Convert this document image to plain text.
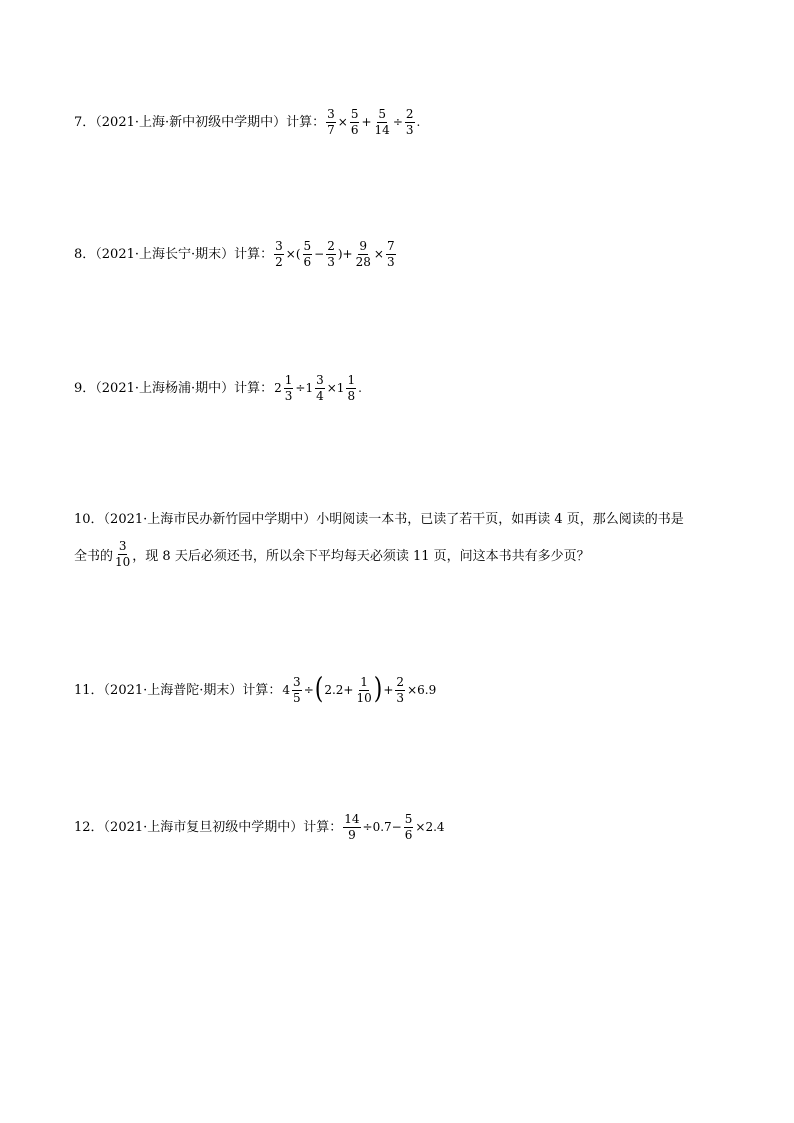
7．（2021·上海·新中初级中学期中）计算： $\frac{3}{7} \times \frac{5}{6} + \frac{5}{14} \div \frac{2}{3}$ .
8．（2021·上海长宁·期末）计算： $\frac{3}{2}$ ×( $\frac{5}{6} - \frac{2}{3}$ )+ $\frac{9}{28} \times \frac{7}{3}$
9．（2021·上海杨浦·期中）计算： $2 \frac{1}{3} \div 1 \frac{3}{4} \times 1 \frac{1}{8}$ .
10．（2021·上海市民办新竹园中学期中）小明阅读一本书，已读了若干页，如再读 4 页，那么阅读的书是
全书的 $\frac{3}{10}$ ，现 8 天后必须还书，所以余下平均每天必须读 11 页，问这本书共有多少页？
11．（2021·上海普陀·期末）计算： $4 \frac{3}{5}$ ÷ ( $2.2+ \frac{1}{10}$ ) + $\frac{2}{3} \times 6.9$
12．（2021·上海市复旦初级中学期中）计算： $\frac{14}{9} \div 0.7- \frac{5}{6} \times 2.4$
